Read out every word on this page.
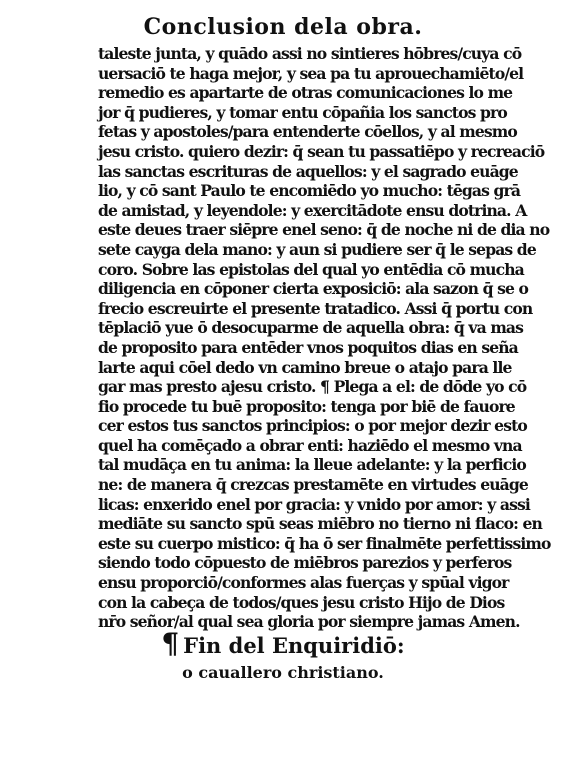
Conclusion dela obra.
taleste junta, y quādo assi no sintieres hōbres/cuya cō
uersaciō te haga mejor, y sea pa tu aprouechamiēto/el
remedio es apartarte de otras comunicaciones lo me
jor q̄ pudieres, y tomar entu cōpañia los sanctos pro
fetas y apostoles/para entenderte cōellos, y al mesmo
jesu cristo. quiero dezir: q̄ sean tu passatiēpo y recreaciō
las sanctas escrituras de aquellos: y el sagrado euāge
lio, y cō sant Paulo te encomiēdo yo mucho: tēgas grā
de amistad, y leyendole: y exercitādote ensu dotrina. A
este deues traer siēpre enel seno: q̄ de noche ni de dia no
sete cayga dela mano: y aun si pudiere ser q̄ le sepas de
coro. Sobre las epistolas del qual yo entēdia cō mucha
diligencia en cōponer cierta exposiciō: ala sazon q̄ se o
frecio escreuirte el presente tratadico. Assi q̄ portu con
tēplaciō yue ō desocuparme de aquella obra: q̄ va mas
de proposito para entēder vnos poquitos dias en seña
larte aqui cōel dedo vn camino breue o atajo para lle
gar mas presto ajesu cristo. ¶ Plega a el: de dōde yo cō
fio procede tu buē proposito: tenga por biē de fauore
cer estos tus sanctos principios: o por mejor dezir esto
quel ha comēçado a obrar enti: haziēdo el mesmo vna
tal mudāça en tu anima: la lleue adelante: y la perficio
ne: de manera q̄ crezcas prestamēte en virtudes euāge
licas: enxerido enel por gracia: y vnido por amor: y assi
mediāte su sancto spū seas miēbro no tierno ni flaco: en
este su cuerpo mistico: q̄ ha ō ser finalmēte perfettissimo
siendo todo cōpuesto de miēbros parezios y perferos
ensu proporciō/conformes alas fuerças y spūal vigor
con la cabeça de todos/ques jesu cristo Hijo de Dios
nr̄o señor/al qual sea gloria por siempre jamas Amen.
¶ Fin del Enquiridiō:
o cauallero christiano.
